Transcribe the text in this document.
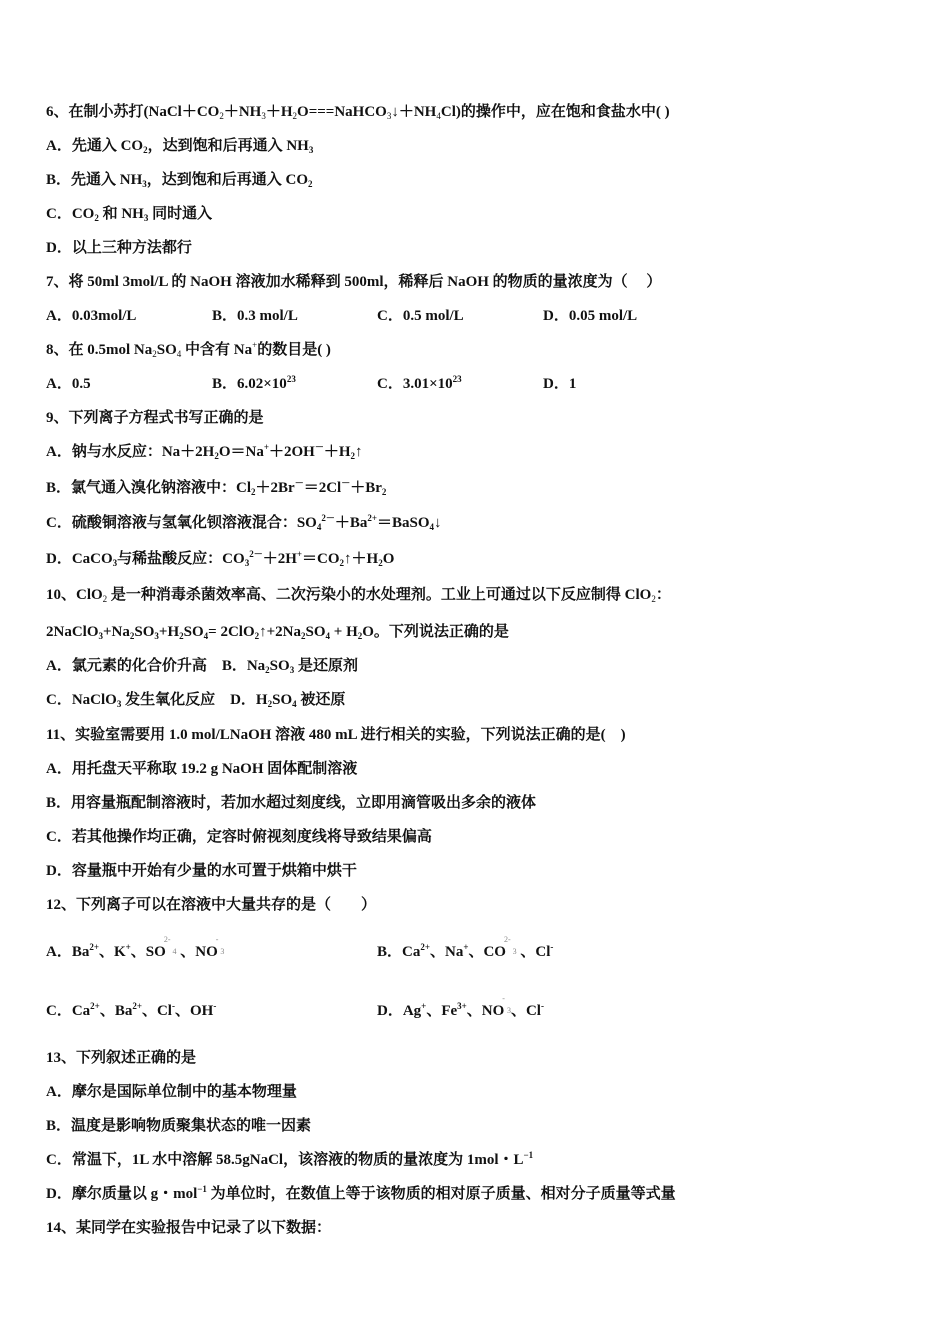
6、在制小苏打$(NaCl+CO_2+NH_3+H_2O===NaHCO_3↓+NH_4Cl)$的操作中，应在饱和食盐水中( )
A．先通入 $CO_2$，达到饱和后再通入 $NH_3$
B．先通入 $NH_3$，达到饱和后再通入 $CO_2$
C．$CO_2$ 和 $NH_3$ 同时通入
D．以上三种方法都行
7、将 50ml 3mol/L 的 NaOH 溶液加水稀释到 500ml，稀释后 NaOH 的物质的量浓度为（　 ）
A．0.03mol/L	B．0.3 mol/L	C．0.5 mol/L	D．0.05 mol/L
8、在 0.5mol $Na_2SO_4$ 中含有 Na+的数目是( )
A．0.5	B．$6.02\times 10^{23}$	C．$3.01\times 10^{23}$	D．1
9、下列离子方程式书写正确的是
A．钠与水反应：$Na+2H_2O=Na^++2OH^-+H_2↑$
B．氯气通入溴化钠溶液中：$Cl_2+2Br^-=2Cl^-+Br_2$
C．硫酸铜溶液与氢氧化钡溶液混合：$SO_4^{2-}+Ba^{2+}=BaSO_4↓$
D．CaCO$_3$与稀盐酸反应：$CO_3^{2-}+2H^+=CO_2↑+H_2O$
10、ClO$_2$ 是一种消毒杀菌效率高、二次污染小的水处理剂。工业上可通过以下反应制得 ClO$_2$：
$2NaClO_3+Na_2SO_3+H_2SO_4=$ $2ClO_2↑+2Na_2SO_4 + H_2O$。下列说法正确的是
A．氯元素的化合价升高　B．$Na_2SO_3$ 是还原剂
C．NaClO$_3$ 发生氧化反应　D．$H_2SO_4$ 被还原
11、实验室需要用 1.0 mol/LNaOH 溶液 480 mL 进行相关的实验，下列说法正确的是(　)
A．用托盘天平称取 19.2 g NaOH 固体配制溶液
B．用容量瓶配制溶液时，若加水超过刻度线，立即用滴管吸出多余的液体
C．若其他操作均正确，定容时俯视刻度线将导致结果偏高
D．容量瓶中开始有少量的水可置于烘箱中烘干
12、下列离子可以在溶液中大量共存的是（　　）
A．$Ba^{2+}$、K+、$SO^{2-}4$ 、NO-3	B．$Ca^{2+}$、Na+、$CO^{2-}3$ 、Cl-
C．$Ca^{2+}$、$Ba^{2+}$、Cl-、OH-	D．Ag+、$Fe^{3+}$、NO-3、Cl-
13、下列叙述正确的是
A．摩尔是国际单位制中的基本物理量
B．温度是影响物质聚集状态的唯一因素
C．常温下，1L 水中溶解 58.5gNaCl，该溶液的物质的量浓度为 1mol・$L^{-1}$
D．摩尔质量以 g・mol$^{-1}$ 为单位时，在数值上等于该物质的相对原子质量、相对分子质量等式量
14、某同学在实验报告中记录了以下数据：
